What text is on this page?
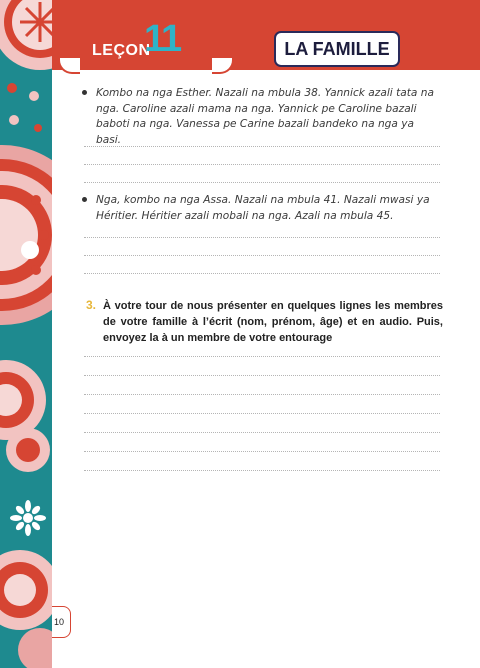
LEÇON
11	LA FAMILLE
Kombo na nga Esther. Nazali na mbula 38. Yannick azali tata na nga. Caroline azali mama na nga. Yannick pe Caroline bazali baboti na nga. Vanessa pe Carine bazali bandeko na nga ya basi.
Nga, kombo na nga Assa. Nazali na mbula 41. Nazali mwasi ya Héritier. Héritier azali mobali na nga. Azali na mbula 45.
3. À votre tour de nous présenter en quelques lignes les membres de votre famille à l’écrit (nom, prénom, âge) et en audio. Puis, envoyez la à un membre de votre entourage
10
